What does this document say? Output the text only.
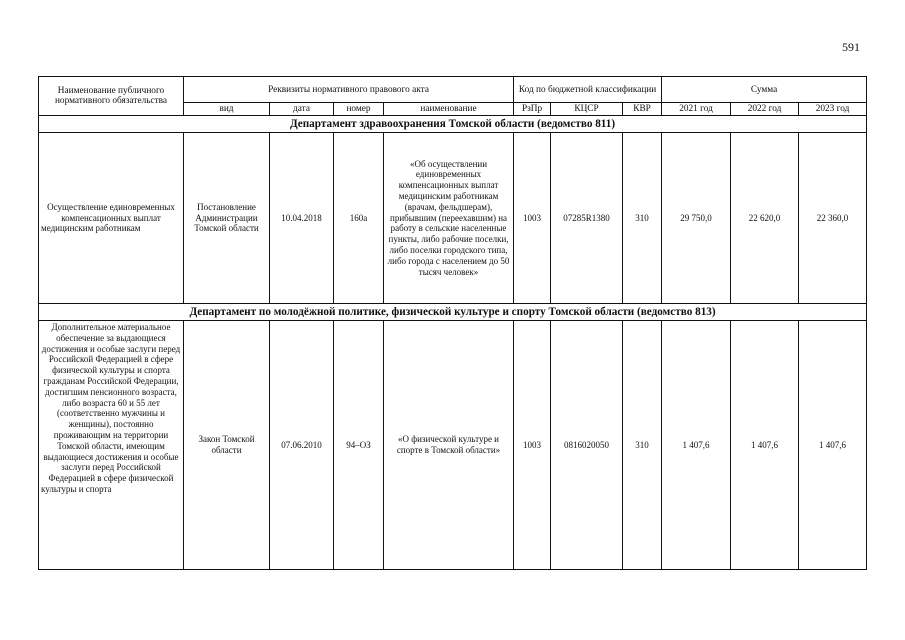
591
Наименование публичного нормативного обязательства	Реквизиты нормативного правового акта				Код по бюджетной классификации			Сумма		
	вид	дата	номер	наименование	РзПр	КЦСР	КВР	2021 год	2022 год	2023 год
Департамент здравоохранения Томской области (ведомство 811)										
Осуществление единовременных компенсационных выплат медицинским работникам	Постановление Администрации Томской области	10.04.2018	160а	«Об осуществлении единовременных компенсационных выплат медицинским работникам (врачам, фельдшерам), прибывшим (переехавшим) на работу в сельские населенные пункты, либо рабочие поселки, либо поселки городского типа, либо города с населением до 50 тысяч человек»	1003	07285R1380	310	29 750,0	22 620,0	22 360,0
Департамент по молодёжной политике, физической культуре и спорту Томской области (ведомство 813)										
Дополнительное материальное обеспечение за выдающиеся достижения и особые заслуги перед Российской Федерацией в сфере физической культуры и спорта гражданам Российской Федерации, достигшим пенсионного возраста, либо возраста 60 и 55 лет (соответственно мужчины и женщины), постоянно проживающим на территории Томской области, имеющим выдающиеся достижения и особые заслуги перед Российской Федерацией в сфере физической культуры и спорта	Закон Томской области	07.06.2010	94–ОЗ	«О физической культуре и спорте в Томской области»	1003	0816020050	310	1 407,6	1 407,6	1 407,6
